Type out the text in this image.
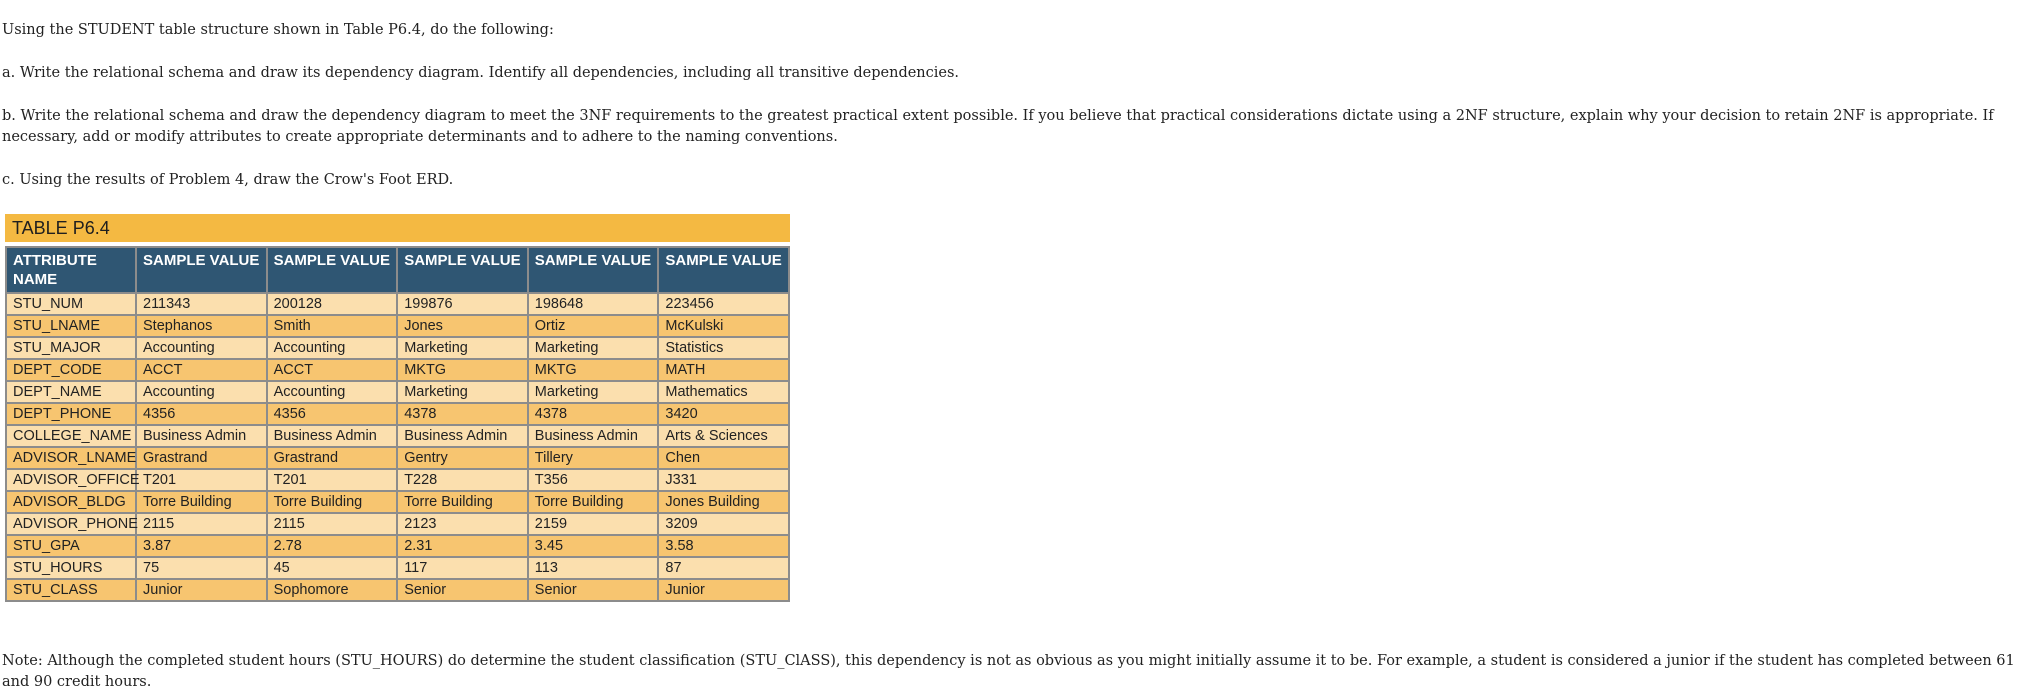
Using the STUDENT table structure shown in Table P6.4, do the following:

a. Write the relational schema and draw its dependency diagram. Identify all dependencies, including all transitive dependencies.

b. Write the relational schema and draw the dependency diagram to meet the 3NF requirements to the greatest practical extent possible. If you believe that practical considerations dictate using a 2NF structure, explain why your decision to retain 2NF is appropriate. If necessary, add or modify attributes to create appropriate determinants and to adhere to the naming conventions.

c. Using the results of Problem 4, draw the Crow's Foot ERD.

TABLE P6.4
ATTRIBUTE NAME	SAMPLE VALUE	SAMPLE VALUE	SAMPLE VALUE	SAMPLE VALUE	SAMPLE VALUE
STU_NUM	211343	200128	199876	198648	223456
STU_LNAME	Stephanos	Smith	Jones	Ortiz	McKulski
STU_MAJOR	Accounting	Accounting	Marketing	Marketing	Statistics
DEPT_CODE	ACCT	ACCT	MKTG	MKTG	MATH
DEPT_NAME	Accounting	Accounting	Marketing	Marketing	Mathematics
DEPT_PHONE	4356	4356	4378	4378	3420
COLLEGE_NAME	Business Admin	Business Admin	Business Admin	Business Admin	Arts & Sciences
ADVISOR_LNAME	Grastrand	Grastrand	Gentry	Tillery	Chen
ADVISOR_OFFICE	T201	T201	T228	T356	J331
ADVISOR_BLDG	Torre Building	Torre Building	Torre Building	Torre Building	Jones Building
ADVISOR_PHONE	2115	2115	2123	2159	3209
STU_GPA	3.87	2.78	2.31	3.45	3.58
STU_HOURS	75	45	117	113	87
STU_CLASS	Junior	Sophomore	Senior	Senior	Junior

Note: Although the completed student hours (STU_HOURS) do determine the student classification (STU_ClASS), this dependency is not as obvious as you might initially assume it to be. For example, a student is considered a junior if the student has completed between 61 and 90 credit hours.
